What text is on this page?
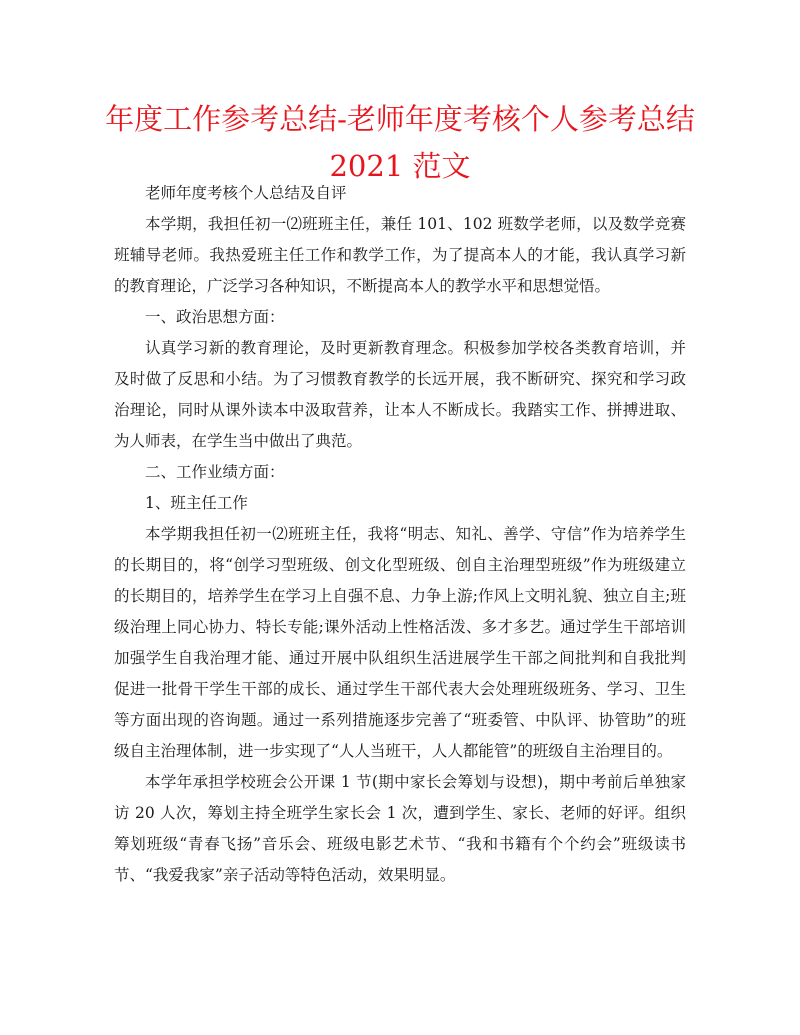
年度工作参考总结-老师年度考核个人参考总结
2021 范文

老师年度考核个人总结及自评

本学期，我担任初一⑵班班主任，兼任 101、102 班数学老师，以及数学竞赛班辅导老师。我热爱班主任工作和教学工作，为了提高本人的才能，我认真学习新的教育理论，广泛学习各种知识，不断提高本人的教学水平和思想觉悟。

一、政治思想方面：

认真学习新的教育理论，及时更新教育理念。积极参加学校各类教育培训，并及时做了反思和小结。为了习惯教育教学的长远开展，我不断研究、探究和学习政治理论，同时从课外读本中汲取营养，让本人不断成长。我踏实工作、拼搏进取、为人师表，在学生当中做出了典范。

二、工作业绩方面：

1、班主任工作

本学期我担任初一⑵班班主任，我将“明志、知礼、善学、守信”作为培养学生的长期目的，将“创学习型班级、创文化型班级、创自主治理型班级”作为班级建立的长期目的，培养学生在学习上自强不息、力争上游;作风上文明礼貌、独立自主;班级治理上同心协力、特长专能;课外活动上性格活泼、多才多艺。通过学生干部培训加强学生自我治理才能、通过开展中队组织生活进展学生干部之间批判和自我批判促进一批骨干学生干部的成长、通过学生干部代表大会处理班级班务、学习、卫生等方面出现的咨询题。通过一系列措施逐步完善了“班委管、中队评、协管助”的班级自主治理体制，进一步实现了“人人当班干，人人都能管”的班级自主治理目的。

本学年承担学校班会公开课 1 节(期中家长会筹划与设想)，期中考前后单独家访 20 人次，筹划主持全班学生家长会 1 次，遭到学生、家长、老师的好评。组织筹划班级“青春飞扬”音乐会、班级电影艺术节、“我和书籍有个个约会”班级读书节、“我爱我家”亲子活动等特色活动，效果明显。
